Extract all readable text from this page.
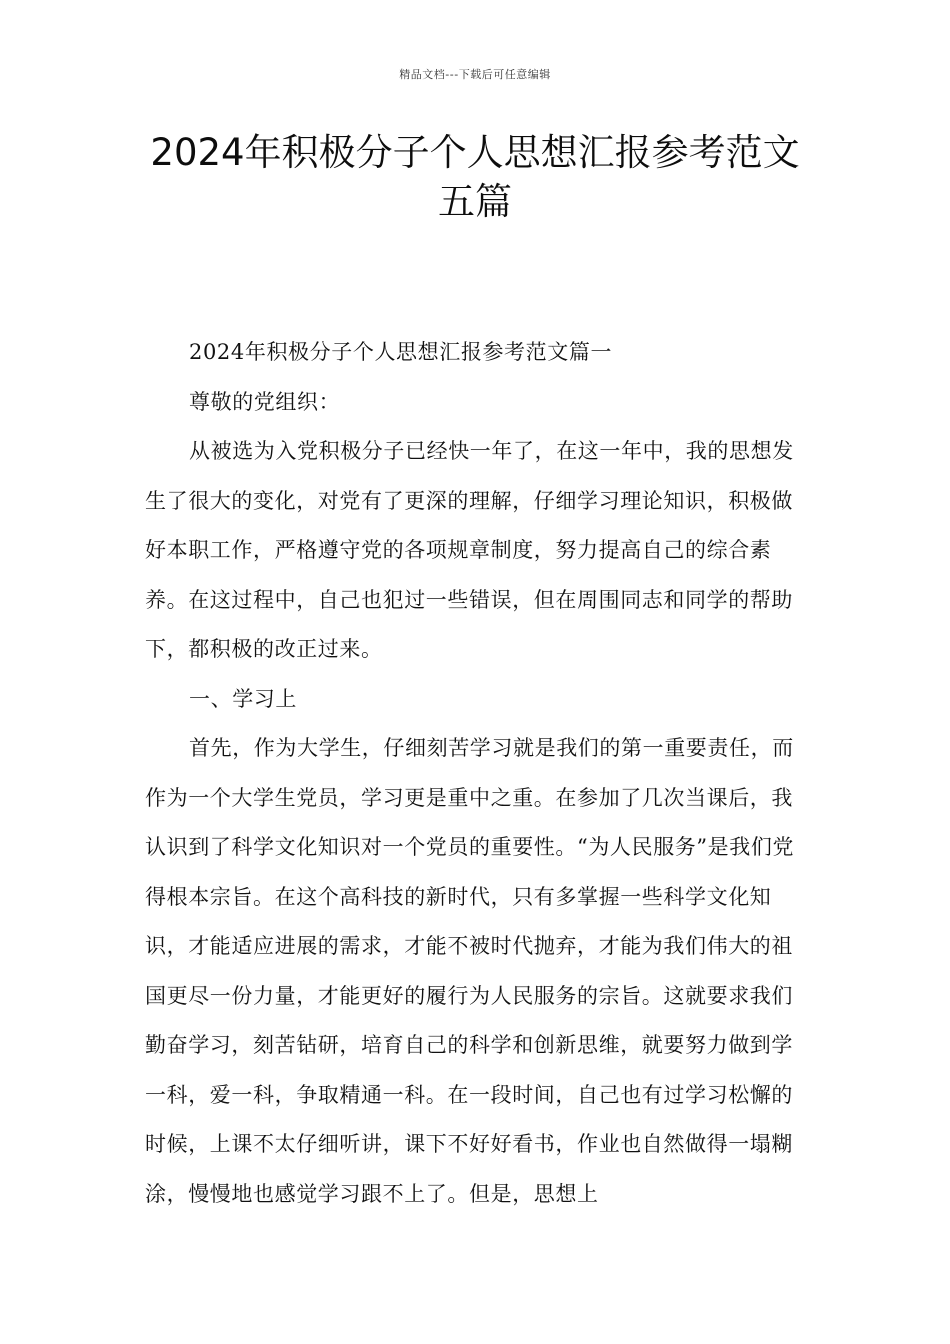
精品文档---下载后可任意编辑
2024年积极分子个人思想汇报参考范文
五篇

2024年积极分子个人思想汇报参考范文篇一

尊敬的党组织：

从被选为入党积极分子已经快一年了，在这一年中，我的思想发生了很大的变化，对党有了更深的理解，仔细学习理论知识，积极做好本职工作，严格遵守党的各项规章制度，努力提高自己的综合素养。在这过程中，自己也犯过一些错误，但在周围同志和同学的帮助下，都积极的改正过来。

一、学习上

首先，作为大学生，仔细刻苦学习就是我们的第一重要责任，而作为一个大学生党员，学习更是重中之重。在参加了几次当课后，我认识到了科学文化知识对一个党员的重要性。“为人民服务”是我们党得根本宗旨。在这个高科技的新时代，只有多掌握一些科学文化知识，才能适应进展的需求，才能不被时代抛弃，才能为我们伟大的祖国更尽一份力量，才能更好的履行为人民服务的宗旨。这就要求我们勤奋学习，刻苦钻研，培育自己的科学和创新思维，就要努力做到学一科，爱一科，争取精通一科。在一段时间，自己也有过学习松懈的时候，上课不太仔细听讲，课下不好好看书，作业也自然做得一塌糊涂，慢慢地也感觉学习跟不上了。但是，思想上
